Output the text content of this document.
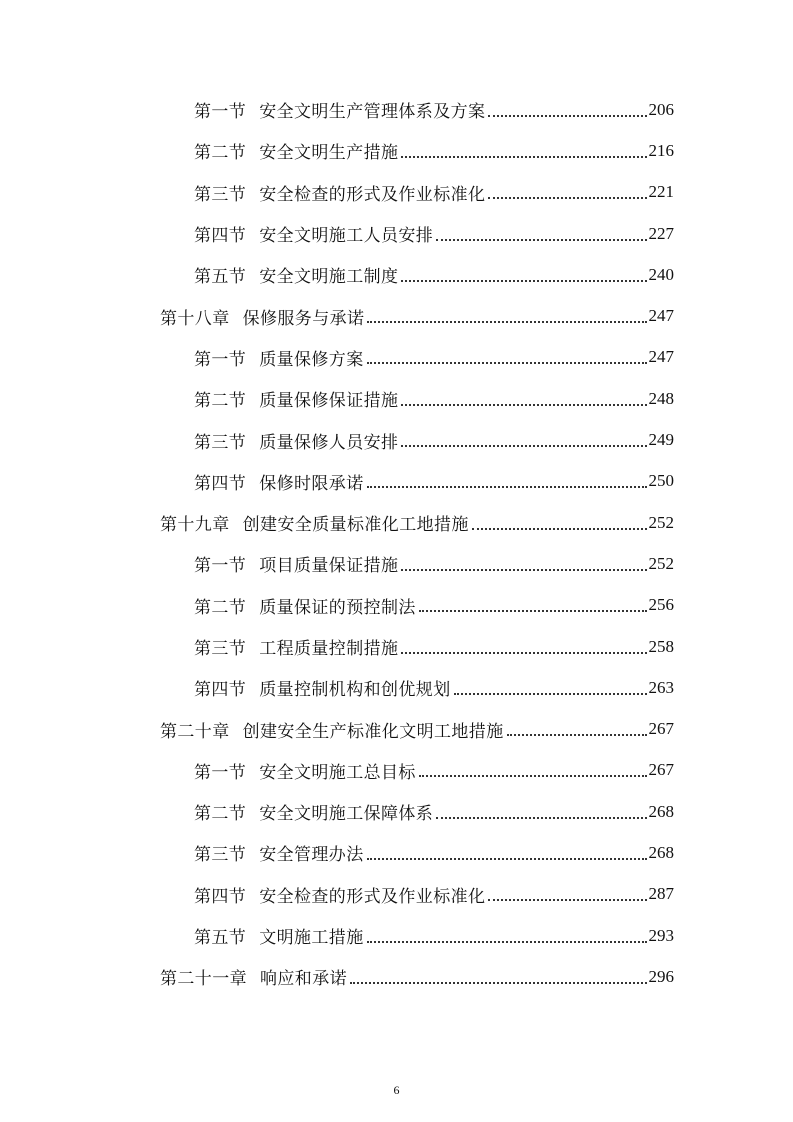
第一节 安全文明生产管理体系及方案	206
第二节 安全文明生产措施	216
第三节 安全检查的形式及作业标准化	221
第四节 安全文明施工人员安排	227
第五节 安全文明施工制度	240
第十八章 保修服务与承诺	247
第一节 质量保修方案	247
第二节 质量保修保证措施	248
第三节 质量保修人员安排	249
第四节 保修时限承诺	250
第十九章 创建安全质量标准化工地措施	252
第一节 项目质量保证措施	252
第二节 质量保证的预控制法	256
第三节 工程质量控制措施	258
第四节 质量控制机构和创优规划	263
第二十章 创建安全生产标准化文明工地措施	267
第一节 安全文明施工总目标	267
第二节 安全文明施工保障体系	268
第三节 安全管理办法	268
第四节 安全检查的形式及作业标准化	287
第五节 文明施工措施	293
第二十一章 响应和承诺	296
6
